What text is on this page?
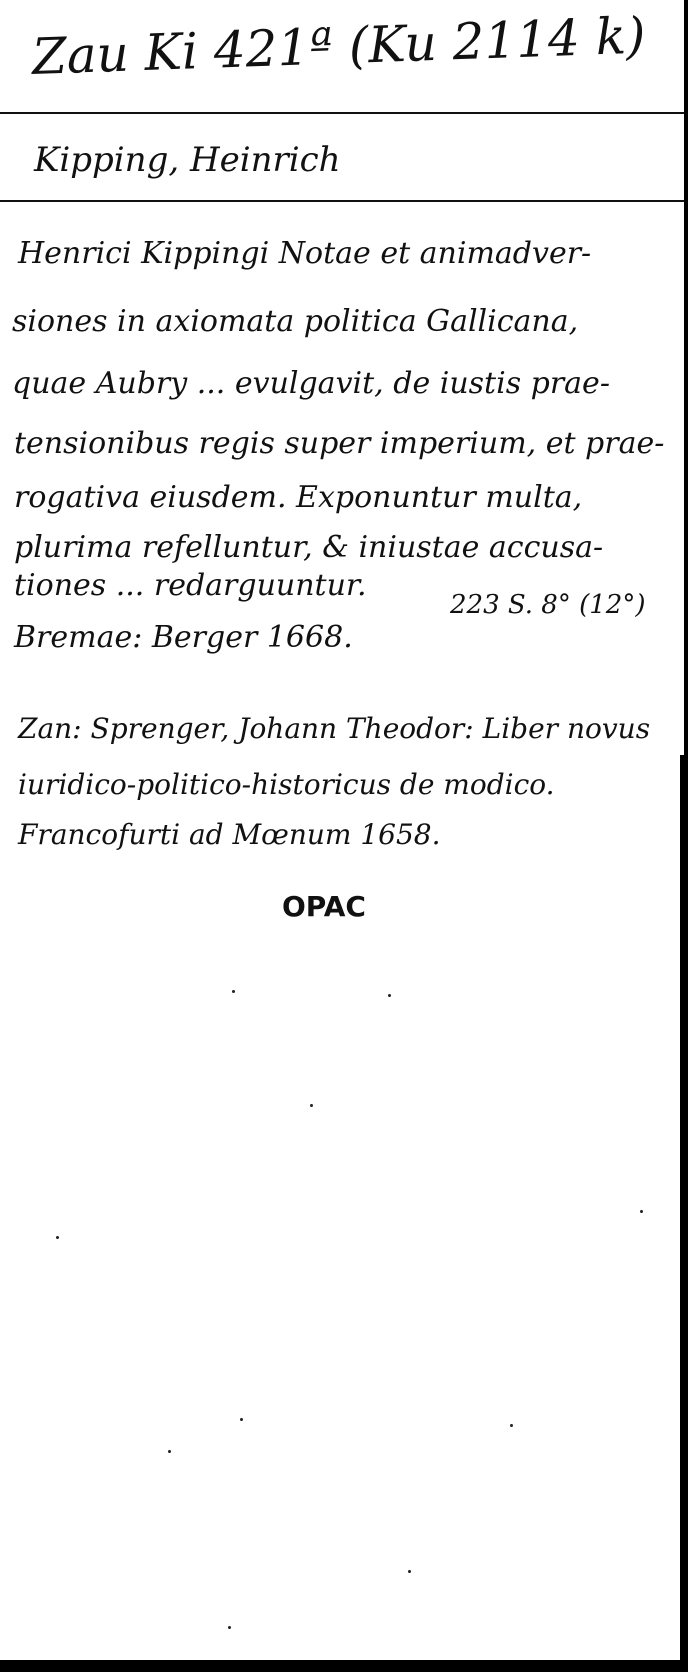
Zau Ki 421ª (Ku 2114 k)
Kipping, Heinrich
Henrici Kippingi Notae et animadver-
siones in axiomata politica Gallicana,
quae Aubry ... evulgavit, de iustis prae-
tensionibus regis super imperium, et prae-
rogativa eiusdem. Exponuntur multa,
plurima refelluntur, & iniustae accusa-
tiones ... redarguuntur.
Bremae: Berger 1668.
223 S. 8° (12°)
Zan: Sprenger, Johann Theodor: Liber novus
iuridico-politico-historicus de modico.
Francofurti ad Mœnum 1658.
OPAC
